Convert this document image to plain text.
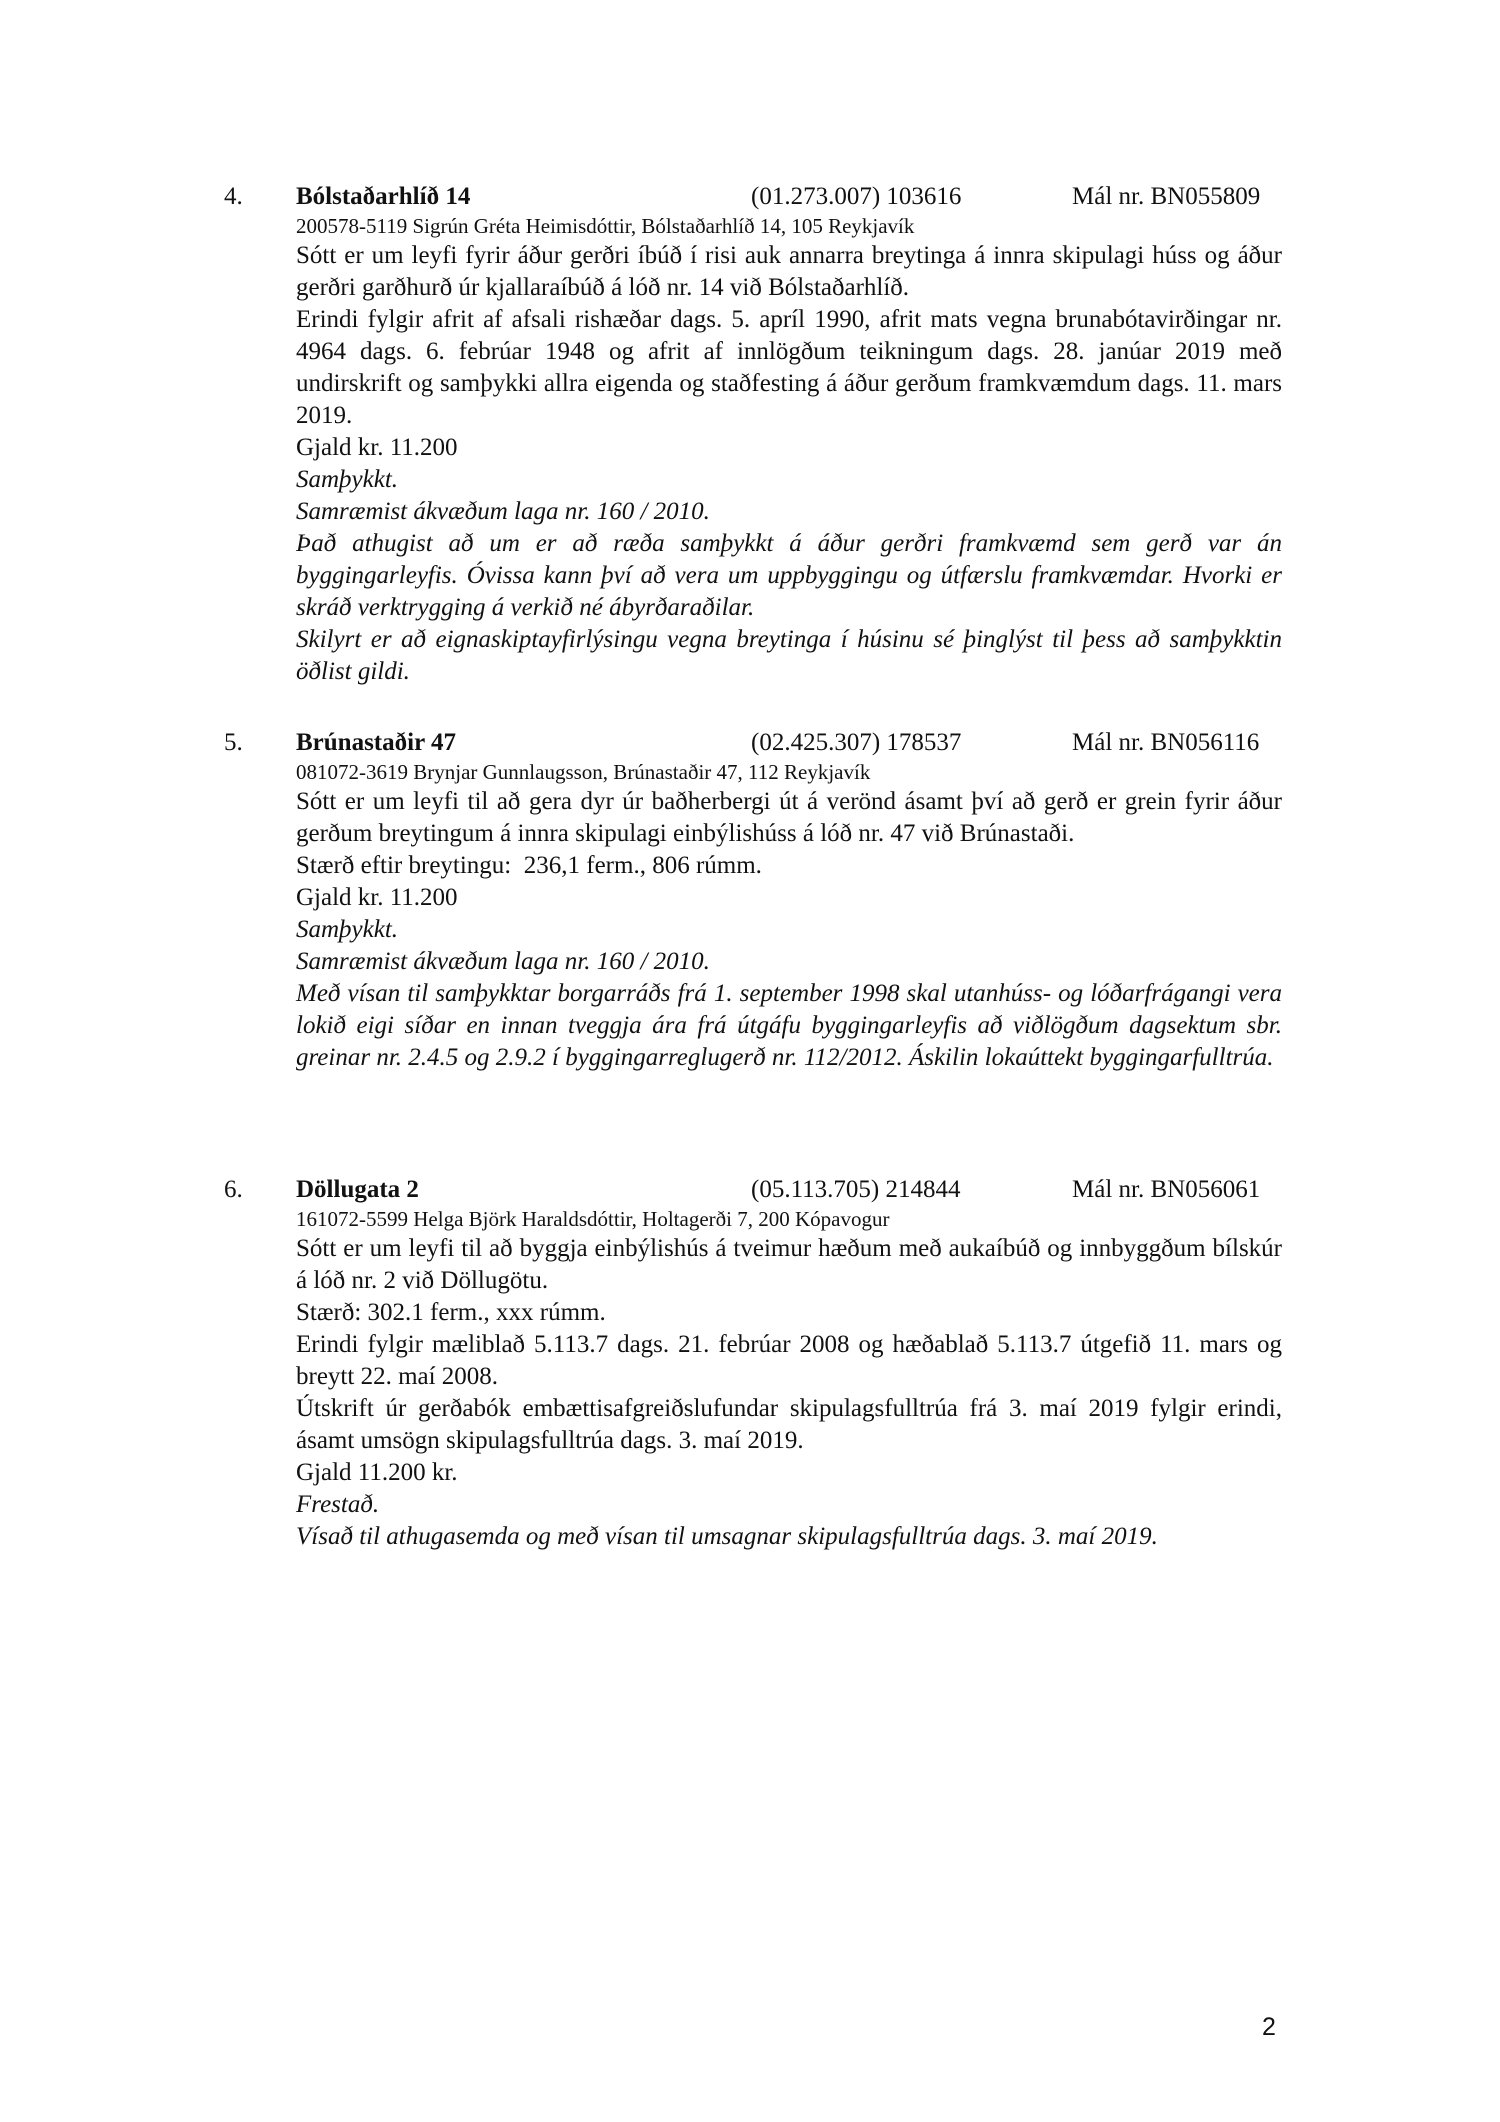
4. Bólstaðarhlíð 14	(01.273.007) 103616	Mál nr. BN055809

200578-5119 Sigrún Gréta Heimisdóttir, Bólstaðarhlíð 14, 105 Reykjavík

Sótt er um leyfi fyrir áður gerðri íbúð í risi auk annarra breytinga á innra skipulagi húss og áður gerðri garðhurð úr kjallaraíbúð á lóð nr. 14 við Bólstaðarhlíð.

Erindi fylgir afrit af afsali rishæðar dags. 5. apríl 1990, afrit mats vegna brunabótavirðingar nr. 4964 dags. 6. febrúar 1948 og afrit af innlögðum teikningum dags. 28. janúar 2019 með undirskrift og samþykki allra eigenda og staðfesting á áður gerðum framkvæmdum dags. 11. mars 2019.

Gjald kr. 11.200

Samþykkt.

Samræmist ákvæðum laga nr. 160 / 2010.

Það athugist að um er að ræða samþykkt á áður gerðri framkvæmd sem gerð var án byggingarleyfis. Óvissa kann því að vera um uppbyggingu og útfærslu framkvæmdar. Hvorki er skráð verktrygging á verkið né ábyrðaraðilar.

Skilyrt er að eignaskiptayfirlýsingu vegna breytinga í húsinu sé þinglýst til þess að samþykktin öðlist gildi.

5. Brúnastaðir 47	(02.425.307) 178537	Mál nr. BN056116

081072-3619 Brynjar Gunnlaugsson, Brúnastaðir 47, 112 Reykjavík

Sótt er um leyfi til að gera dyr úr baðherbergi út á verönd ásamt því að gerð er grein fyrir áður gerðum breytingum á innra skipulagi einbýlishúss á lóð nr. 47 við Brúnastaði.

Stærð eftir breytingu:  236,1 ferm., 806 rúmm.

Gjald kr. 11.200

Samþykkt.

Samræmist ákvæðum laga nr. 160 / 2010.

Með vísan til samþykktar borgarráðs frá 1. september 1998 skal utanhúss- og lóðarfrágangi vera lokið eigi síðar en innan tveggja ára frá útgáfu byggingarleyfis að viðlögðum dagsektum sbr. greinar nr. 2.4.5 og 2.9.2 í byggingarreglugerð nr. 112/2012. Áskilin lokaúttekt byggingarfulltrúa.

6. Döllugata 2	(05.113.705) 214844	Mál nr. BN056061

161072-5599 Helga Björk Haraldsdóttir, Holtagerði 7, 200 Kópavogur

Sótt er um leyfi til að byggja einbýlishús á tveimur hæðum með aukaíbúð og innbyggðum bílskúr á lóð nr. 2 við Döllugötu.

Stærð: 302.1 ferm., xxx rúmm.

Erindi fylgir mæliblað 5.113.7 dags. 21. febrúar 2008 og hæðablað 5.113.7 útgefið 11. mars og breytt 22. maí 2008.

Útskrift úr gerðabók embættisafgreiðslufundar skipulagsfulltrúa frá 3. maí 2019 fylgir erindi, ásamt umsögn skipulagsfulltrúa dags. 3. maí 2019.

Gjald 11.200 kr.

Frestað.

Vísað til athugasemda og með vísan til umsagnar skipulagsfulltrúa dags. 3. maí 2019.

2
